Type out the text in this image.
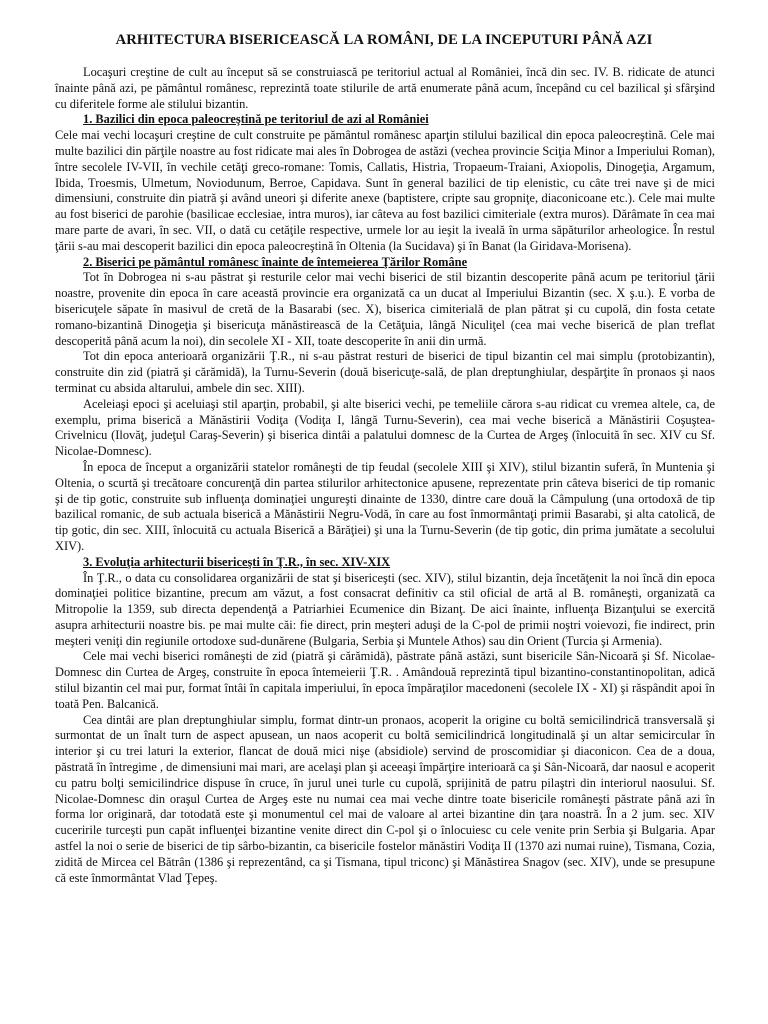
ARHITECTURA BISERICEASCĂ LA ROMÂNI, DE LA INCEPUTURI PÂNĂ AZI

Locaşuri creştine de cult au început să se construiască pe teritoriul actual al României, încă din sec. IV. B. ridicate de atunci înainte până azi, pe pământul românesc, reprezintă toate stilurile de artă enumerate până acum, începând cu cel bazilical şi sfârşind cu diferitele forme ale stilului bizantin.

1. Bazilici din epoca paleocreştină pe teritoriul de azi al României

Cele mai vechi locaşuri creştine de cult construite pe pământul românesc aparţin stilului bazilical din epoca paleocreştină. Cele mai multe bazilici din părţile noastre au fost ridicate mai ales în Dobrogea de astăzi (vechea provincie Sciţia Minor a Imperiului Roman), între secolele IV-VII, în vechile cetăţi greco-romane: Tomis, Callatis, Histria, Tropaeum-Traiani, Axiopolis, Dinogeţia, Argamum, Ibida, Troesmis, Ulmetum, Noviodunum, Berroe, Capidava. Sunt în general bazilici de tip elenistic, cu câte trei nave şi de mici dimensiuni, construite din piatră şi având uneori şi diferite anexe (baptistere, cripte sau gropniţe, diaconicoane etc.). Cele mai multe au fost biserici de parohie (basilicae ecclesiae, intra muros), iar câteva au fost bazilici cimiteriale (extra muros). Dărâmate în cea mai mare parte de avari, în sec. VII, o dată cu cetăţile respective, urmele lor au ieşit la iveală în urma săpăturilor arheologice. În restul ţării s-au mai descoperit bazilici din epoca paleocreştină în Oltenia (la Sucidava) şi în Banat (la Giridava-Morisena).

2. Biserici pe pământul românesc înainte de întemeierea Ţărilor Române

Tot în Dobrogea ni s-au păstrat şi resturile celor mai vechi biserici de stil bizantin descoperite până acum pe teritoriul ţării noastre, provenite din epoca în care această provincie era organizată ca un ducat al Imperiului Bizantin (sec. X ş.u.). E vorba de bisericuţele săpate în masivul de cretă de la Basarabi (sec. X), biserica cimiterială de plan pătrat şi cu cupolă, din fosta cetate romano-bizantină Dinogeţia şi bisericuţa mănăstirească de la Cetăţuia, lângă Niculiţel (cea mai veche biserică de plan treflat descoperită până acum la noi), din secolele XI - XII, toate descoperite în anii din urmă.

Tot din epoca anterioară organizării Ţ.R., ni s-au păstrat resturi de biserici de tipul bizantin cel mai simplu (protobizantin), construite din zid (piatră şi cărămidă), la Turnu-Severin (două bisericuţe-sală, de plan dreptunghiular, despărţite în pronaos şi naos terminat cu absida altarului, ambele din sec. XIII).

Aceleiaşi epoci şi aceluiaşi stil aparţin, probabil, şi alte biserici vechi, pe temeliile cărora s-au ridicat cu vremea altele, ca, de exemplu, prima biserică a Mănăstirii Vodiţa (Vodiţa I, lângă Turnu-Severin), cea mai veche biserică a Mănăstirii Coşuştea-Crivelnicu (Ilovăţ, judeţul Caraş-Severin) şi biserica dintâi a palatului domnesc de la Curtea de Argeş (înlocuită în sec. XIV cu Sf. Nicolae-Domnesc).

În epoca de început a organizării statelor româneşti de tip feudal (secolele XIII şi XIV), stilul bizantin suferă, în Muntenia şi Oltenia, o scurtă şi trecătoare concurenţă din partea stilurilor arhitectonice apusene, reprezentate prin câteva biserici de tip romanic şi de tip gotic, construite sub influenţa dominaţiei ungureşti dinainte de 1330, dintre care două la Câmpulung (una ortodoxă de tip bazilical romanic, de sub actuala biserică a Mănăstirii Negru-Vodă, în care au fost înmormântaţi primii Basarabi, şi alta catolică, de tip gotic, din sec. XIII, înlocuită cu actuala Biserică a Bărăţiei) şi una la Turnu-Severin (de tip gotic, din prima jumătate a secolului XIV).

3. Evoluţia arhitecturii bisericeşti în Ţ.R., în sec. XIV-XIX

În Ţ.R., o data cu consolidarea organizării de stat şi bisericeşti (sec. XIV), stilul bizantin, deja încetăţenit la noi încă din epoca dominaţiei politice bizantine, precum am văzut, a fost consacrat definitiv ca stil oficial de artă al B. româneşti, organizată ca Mitropolie la 1359, sub directa dependenţă a Patriarhiei Ecumenice din Bizanţ. De aici înainte, influenţa Bizanţului se exercită asupra arhitecturii noastre bis. pe mai multe căi: fie direct, prin meşteri aduşi de la C-pol de primii noştri voievozi, fie indirect, prin meşteri veniţi din regiunile ortodoxe sud-dunărene (Bulgaria, Serbia şi Muntele Athos) sau din Orient (Turcia şi Armenia).

Cele mai vechi biserici româneşti de zid (piatră şi cărămidă), păstrate până astăzi, sunt bisericile Sân-Nicoară şi Sf. Nicolae-Domnesc din Curtea de Argeş, construite în epoca întemeierii Ţ.R. . Amândouă reprezintă tipul bizantino-constantinopolitan, adică stilul bizantin cel mai pur, format întâi în capitala imperiului, în epoca împăraţilor macedoneni (secolele IX - XI) şi răspândit apoi în toată Pen. Balcanică.

Cea dintâi are plan dreptunghiular simplu, format dintr-un pronaos, acoperit la origine cu boltă semicilindrică transversală şi surmontat de un înalt turn de aspect apusean, un naos acoperit cu boltă semicilindrică longitudinală şi un altar semicircular în interior şi cu trei laturi la exterior, flancat de două mici nişe (absidiole) servind de proscomidiar şi diaconicon. Cea de a doua, păstrată în întregime , de dimensiuni mai mari, are acelaşi plan şi aceeaşi împărţire interioară ca şi Sân-Nicoară, dar naosul e acoperit cu patru bolţi semicilindrice dispuse în cruce, în jurul unei turle cu cupolă, sprijinită de patru pilaştri din interiorul naosului. Sf. Nicolae-Domnesc din oraşul Curtea de Argeş este nu numai cea mai veche dintre toate bisericile româneşti păstrate până azi în forma lor originară, dar totodată este şi monumentul cel mai de valoare al artei bizantine din ţara noastră. În a 2 jum. sec. XIV cuceririle turceşti pun capăt influenţei bizantine venite direct din C-pol şi o înlocuiesc cu cele venite prin Serbia şi Bulgaria. Apar astfel la noi o serie de biserici de tip sârbo-bizantin, ca bisericile fostelor mănăstiri Vodiţa II (1370 azi numai ruine), Tismana, Cozia, zidită de Mircea cel Bătrân (1386 şi reprezentând, ca şi Tismana, tipul triconc) şi Mănăstirea Snagov (sec. XIV), unde se presupune că este înmormântat Vlad Ţepeş.
